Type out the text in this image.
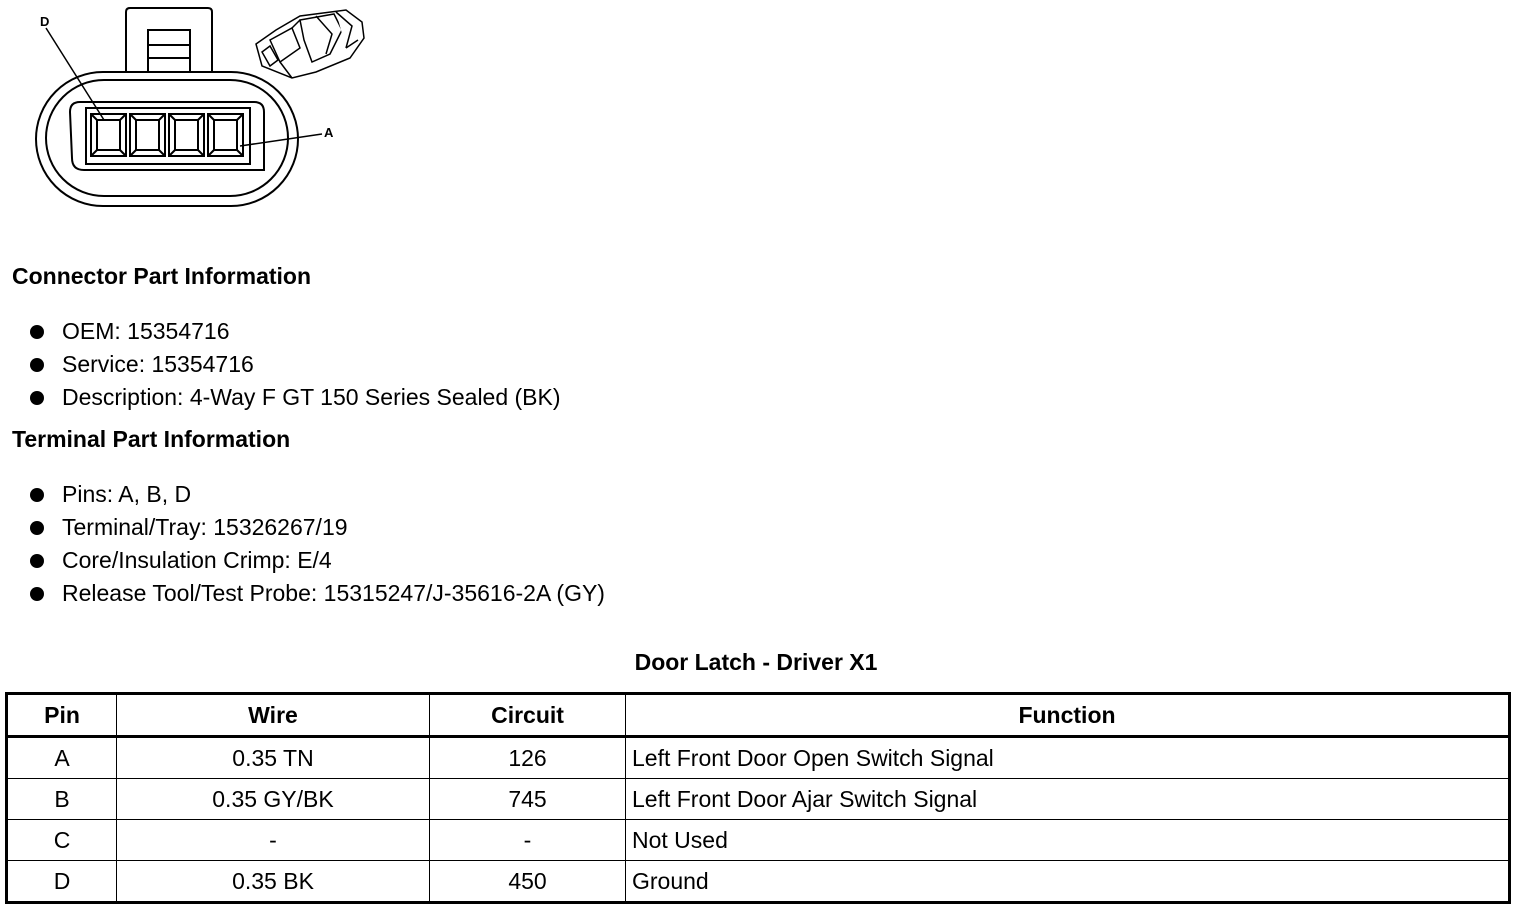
D
A
Connector Part Information
OEM: 15354716
Service: 15354716
Description: 4-Way F GT 150 Series Sealed (BK)
Terminal Part Information
Pins: A, B, D
Terminal/Tray: 15326267/19
Core/Insulation Crimp: E/4
Release Tool/Test Probe: 15315247/J-35616-2A (GY)
Door Latch - Driver X1
Pin	Wire	Circuit	Function
A	0.35 TN	126	Left Front Door Open Switch Signal
B	0.35 GY/BK	745	Left Front Door Ajar Switch Signal
C	-	-	Not Used
D	0.35 BK	450	Ground
